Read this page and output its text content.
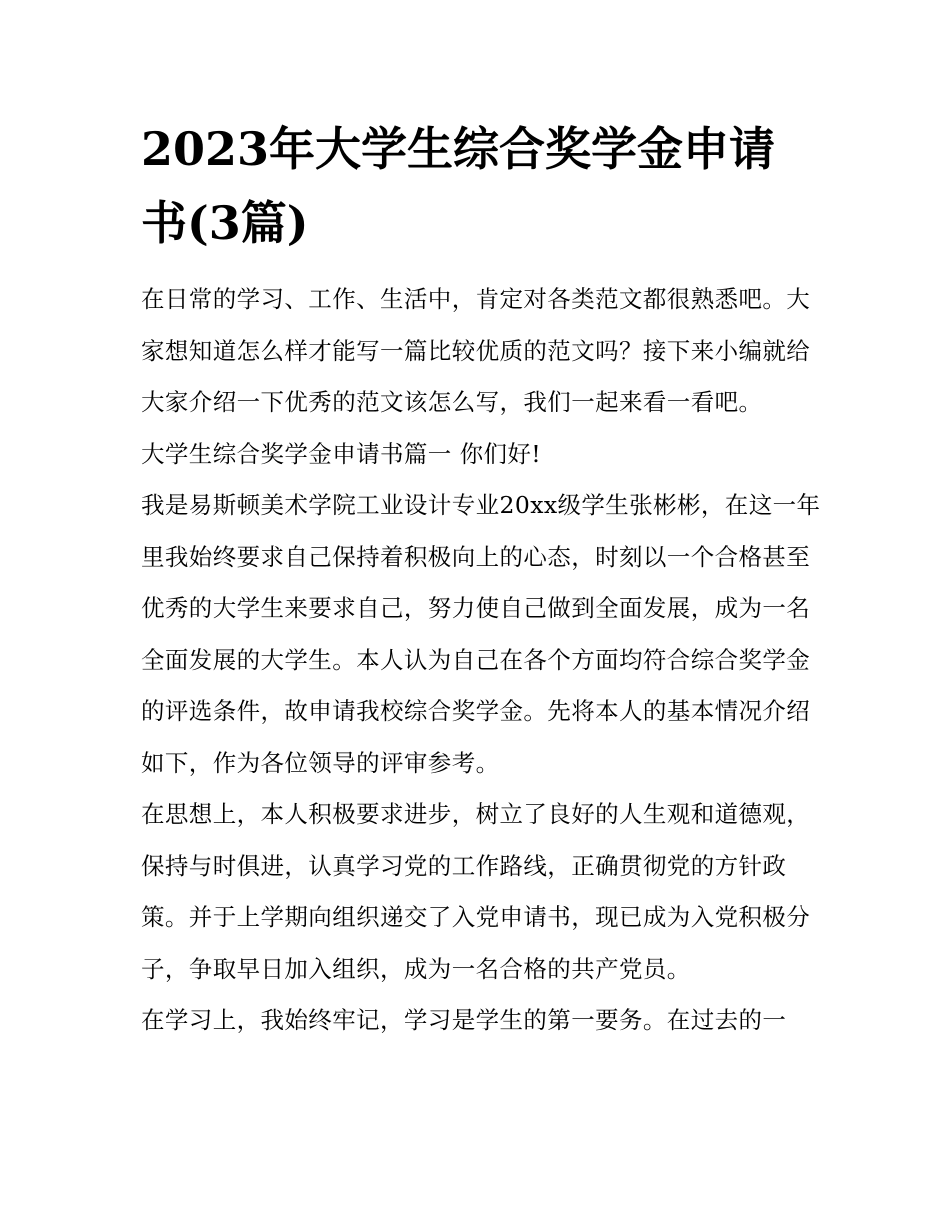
2023年大学生综合奖学金申请书(3篇)

在日常的学习、工作、生活中，肯定对各类范文都很熟悉吧。大家想知道怎么样才能写一篇比较优质的范文吗？接下来小编就给大家介绍一下优秀的范文该怎么写，我们一起来看一看吧。

大学生综合奖学金申请书篇一 你们好!

我是易斯顿美术学院工业设计专业20xx级学生张彬彬，在这一年里我始终要求自己保持着积极向上的心态，时刻以一个合格甚至优秀的大学生来要求自己，努力使自己做到全面发展，成为一名全面发展的大学生。本人认为自己在各个方面均符合综合奖学金的评选条件，故申请我校综合奖学金。先将本人的基本情况介绍如下，作为各位领导的评审参考。

在思想上，本人积极要求进步，树立了良好的人生观和道德观，保持与时俱进，认真学习党的工作路线，正确贯彻党的方针政策。并于上学期向组织递交了入党申请书，现已成为入党积极分子，争取早日加入组织，成为一名合格的共产党员。

在学习上，我始终牢记，学习是学生的第一要务。在过去的一
